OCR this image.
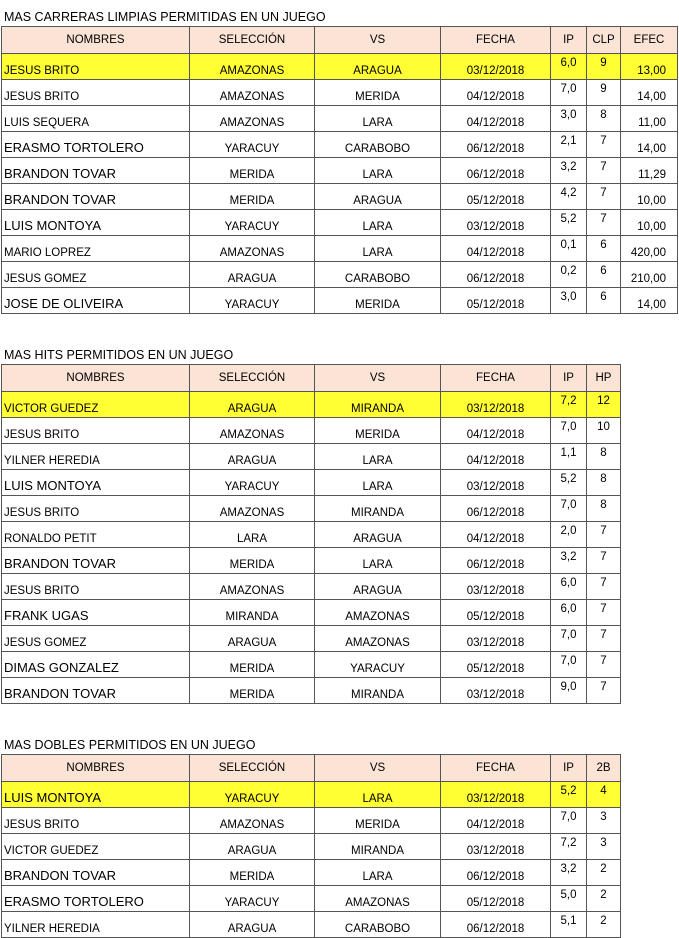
MAS CARRERAS LIMPIAS PERMITIDAS EN UN JUEGO
NOMBRES	SELECCIÓN	VS	FECHA	IP	CLP	EFEC
JESUS BRITO	AMAZONAS	ARAGUA	03/12/2018	6,0	9	13,00
JESUS BRITO	AMAZONAS	MERIDA	04/12/2018	7,0	9	14,00
LUIS SEQUERA	AMAZONAS	LARA	04/12/2018	3,0	8	11,00
ERASMO TORTOLERO	YARACUY	CARABOBO	06/12/2018	2,1	7	14,00
BRANDON TOVAR	MERIDA	LARA	06/12/2018	3,2	7	11,29
BRANDON TOVAR	MERIDA	ARAGUA	05/12/2018	4,2	7	10,00
LUIS MONTOYA	YARACUY	LARA	03/12/2018	5,2	7	10,00
MARIO LOPREZ	AMAZONAS	LARA	04/12/2018	0,1	6	420,00
JESUS GOMEZ	ARAGUA	CARABOBO	06/12/2018	0,2	6	210,00
JOSE DE OLIVEIRA	YARACUY	MERIDA	05/12/2018	3,0	6	14,00
MAS HITS PERMITIDOS EN UN JUEGO
NOMBRES	SELECCIÓN	VS	FECHA	IP	HP
VICTOR GUEDEZ	ARAGUA	MIRANDA	03/12/2018	7,2	12
JESUS BRITO	AMAZONAS	MERIDA	04/12/2018	7,0	10
YILNER HEREDIA	ARAGUA	LARA	04/12/2018	1,1	8
LUIS MONTOYA	YARACUY	LARA	03/12/2018	5,2	8
JESUS BRITO	AMAZONAS	MIRANDA	06/12/2018	7,0	8
RONALDO PETIT	LARA	ARAGUA	04/12/2018	2,0	7
BRANDON TOVAR	MERIDA	LARA	06/12/2018	3,2	7
JESUS BRITO	AMAZONAS	ARAGUA	03/12/2018	6,0	7
FRANK UGAS	MIRANDA	AMAZONAS	05/12/2018	6,0	7
JESUS GOMEZ	ARAGUA	AMAZONAS	03/12/2018	7,0	7
DIMAS GONZALEZ	MERIDA	YARACUY	05/12/2018	7,0	7
BRANDON TOVAR	MERIDA	MIRANDA	03/12/2018	9,0	7
MAS DOBLES PERMITIDOS EN UN JUEGO
NOMBRES	SELECCIÓN	VS	FECHA	IP	2B
LUIS MONTOYA	YARACUY	LARA	03/12/2018	5,2	4
JESUS BRITO	AMAZONAS	MERIDA	04/12/2018	7,0	3
VICTOR GUEDEZ	ARAGUA	MIRANDA	03/12/2018	7,2	3
BRANDON TOVAR	MERIDA	LARA	06/12/2018	3,2	2
ERASMO TORTOLERO	YARACUY	AMAZONAS	05/12/2018	5,0	2
YILNER HEREDIA	ARAGUA	CARABOBO	06/12/2018	5,1	2
